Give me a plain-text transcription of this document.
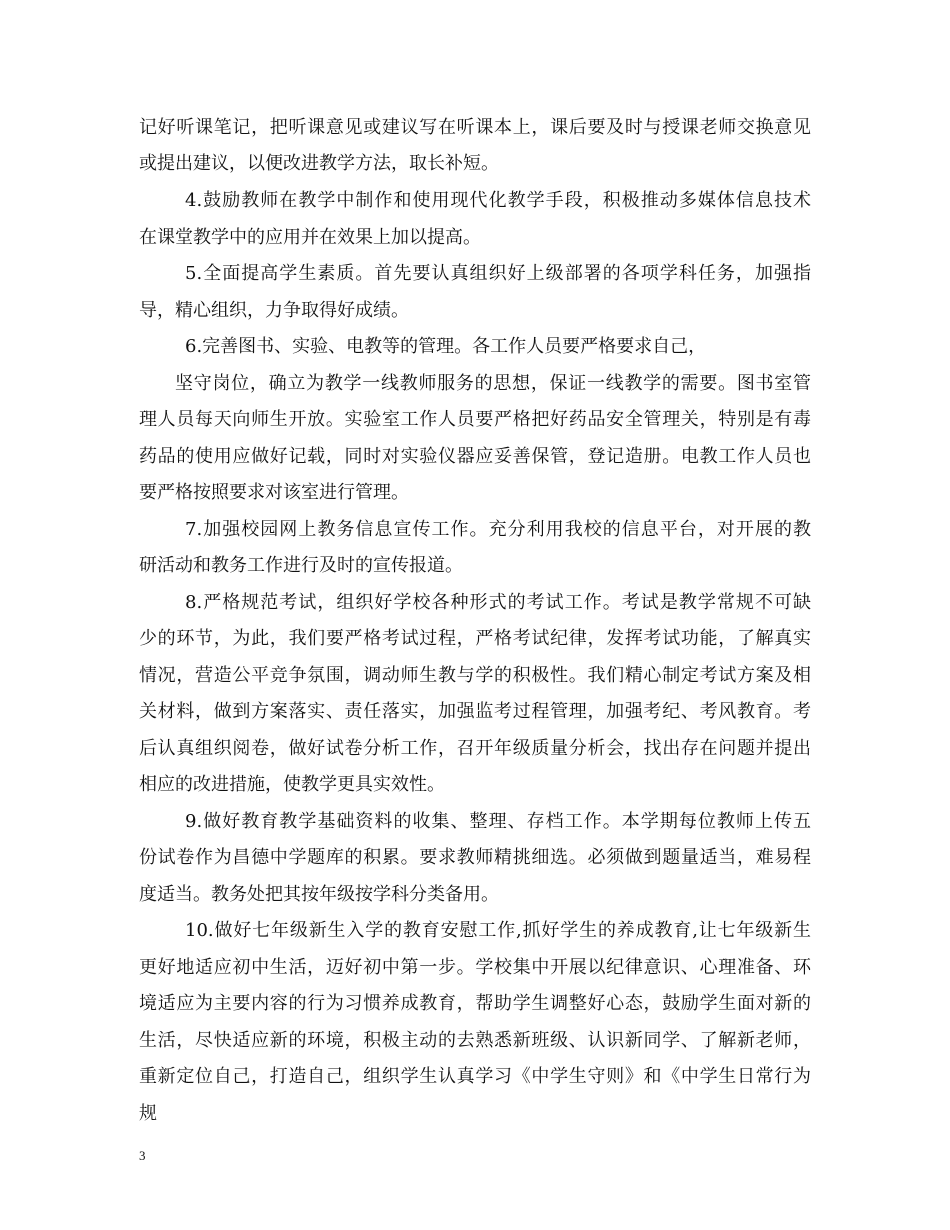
记好听课笔记，把听课意见或建议写在听课本上，课后要及时与授课老师交换意见
或提出建议，以便改进教学方法，取长补短。
4.鼓励教师在教学中制作和使用现代化教学手段，积极推动多媒体信息技术
在课堂教学中的应用并在效果上加以提高。
5.全面提高学生素质。首先要认真组织好上级部署的各项学科任务，加强指
导，精心组织，力争取得好成绩。
6.完善图书、实验、电教等的管理。各工作人员要严格要求自己，
坚守岗位，确立为教学一线教师服务的思想，保证一线教学的需要。图书室管
理人员每天向师生开放。实验室工作人员要严格把好药品安全管理关，特别是有毒
药品的使用应做好记载，同时对实验仪器应妥善保管，登记造册。电教工作人员也
要严格按照要求对该室进行管理。
7.加强校园网上教务信息宣传工作。充分利用我校的信息平台，对开展的教
研活动和教务工作进行及时的宣传报道。
8.严格规范考试，组织好学校各种形式的考试工作。考试是教学常规不可缺
少的环节，为此，我们要严格考试过程，严格考试纪律，发挥考试功能，了解真实
情况，营造公平竞争氛围，调动师生教与学的积极性。我们精心制定考试方案及相
关材料，做到方案落实、责任落实，加强监考过程管理，加强考纪、考风教育。考
后认真组织阅卷，做好试卷分析工作，召开年级质量分析会，找出存在问题并提出
相应的改进措施，使教学更具实效性。
9.做好教育教学基础资料的收集、整理、存档工作。本学期每位教师上传五
份试卷作为昌德中学题库的积累。要求教师精挑细选。必须做到题量适当，难易程
度适当。教务处把其按年级按学科分类备用。
10.做好七年级新生入学的教育安慰工作,抓好学生的养成教育,让七年级新生
更好地适应初中生活，迈好初中第一步。学校集中开展以纪律意识、心理准备、环
境适应为主要内容的行为习惯养成教育，帮助学生调整好心态，鼓励学生面对新的
生活，尽快适应新的环境，积极主动的去熟悉新班级、认识新同学、了解新老师，
重新定位自己，打造自己，组织学生认真学习《中学生守则》和《中学生日常行为
规
3
